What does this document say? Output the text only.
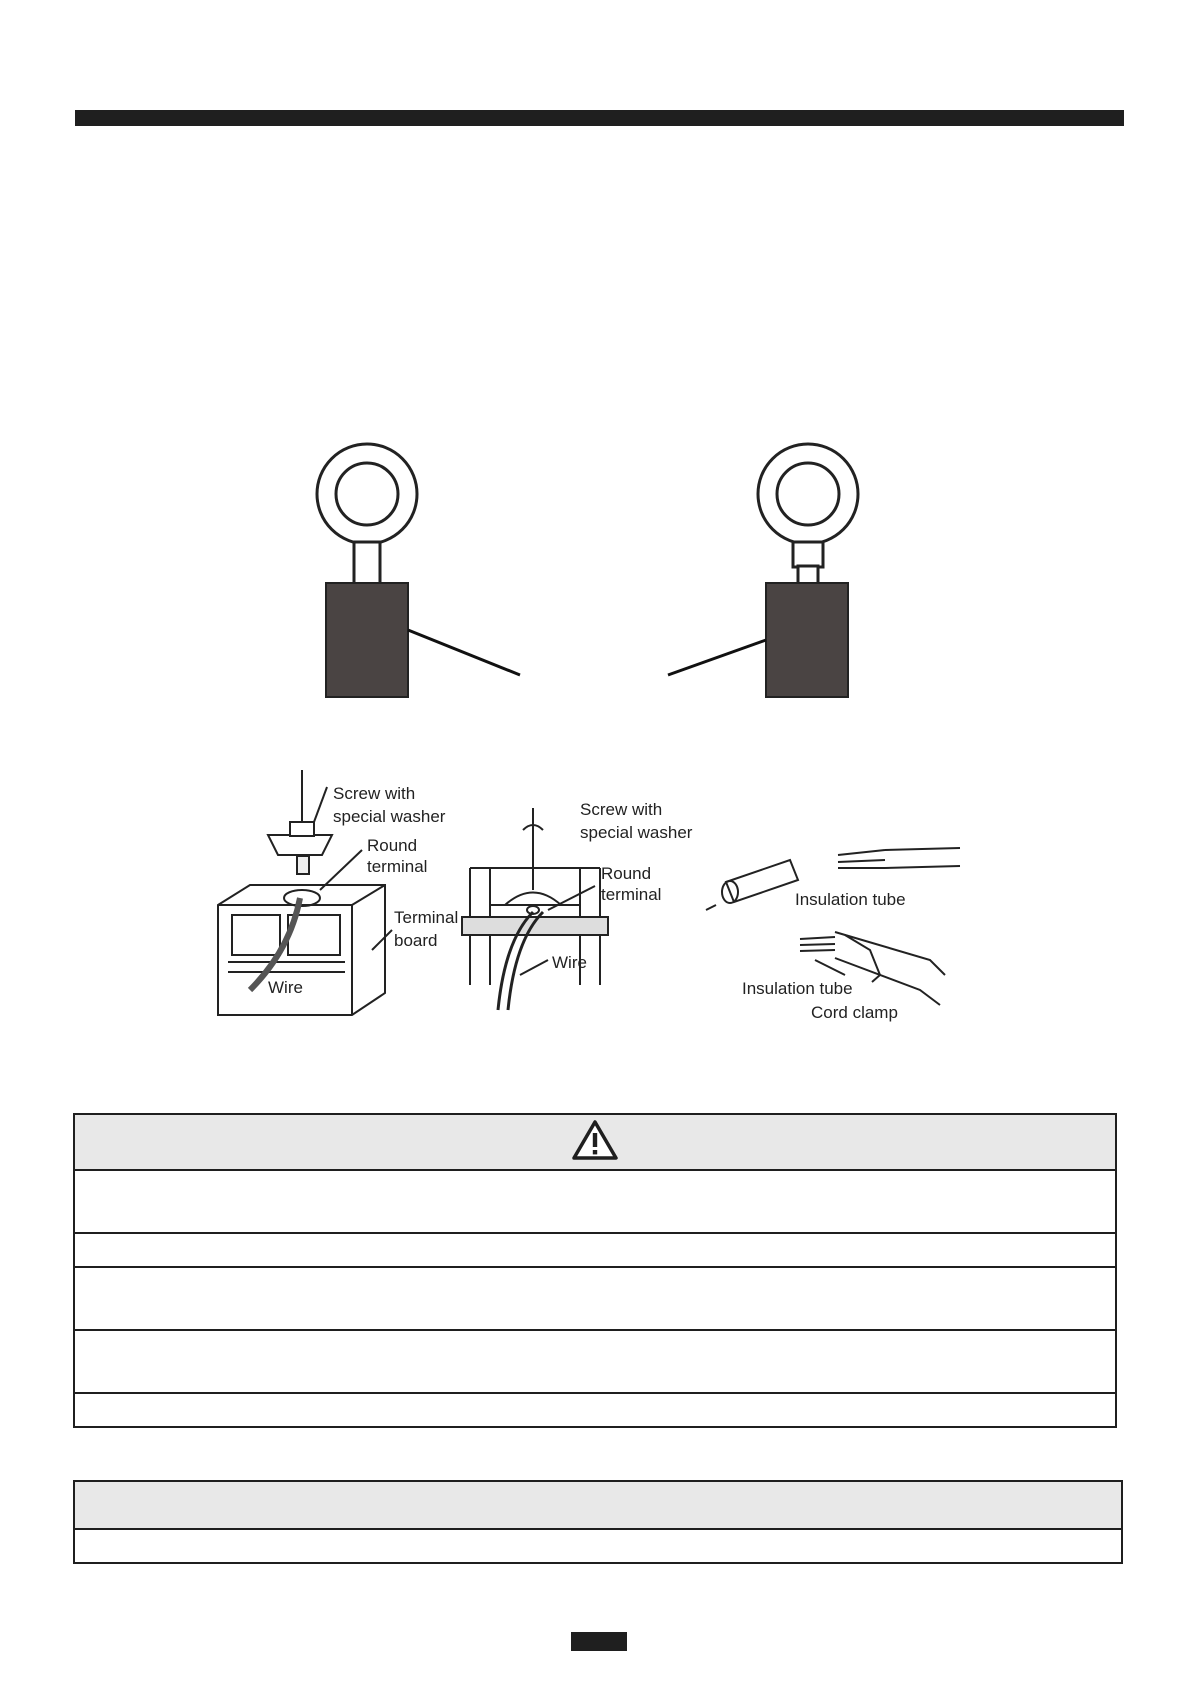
Screw with
special washer
Round
terminal
Terminal
board
Wire
Screw with
special washer
Round
terminal
Wire
Insulation tube
Insulation tube
Cord clamp
